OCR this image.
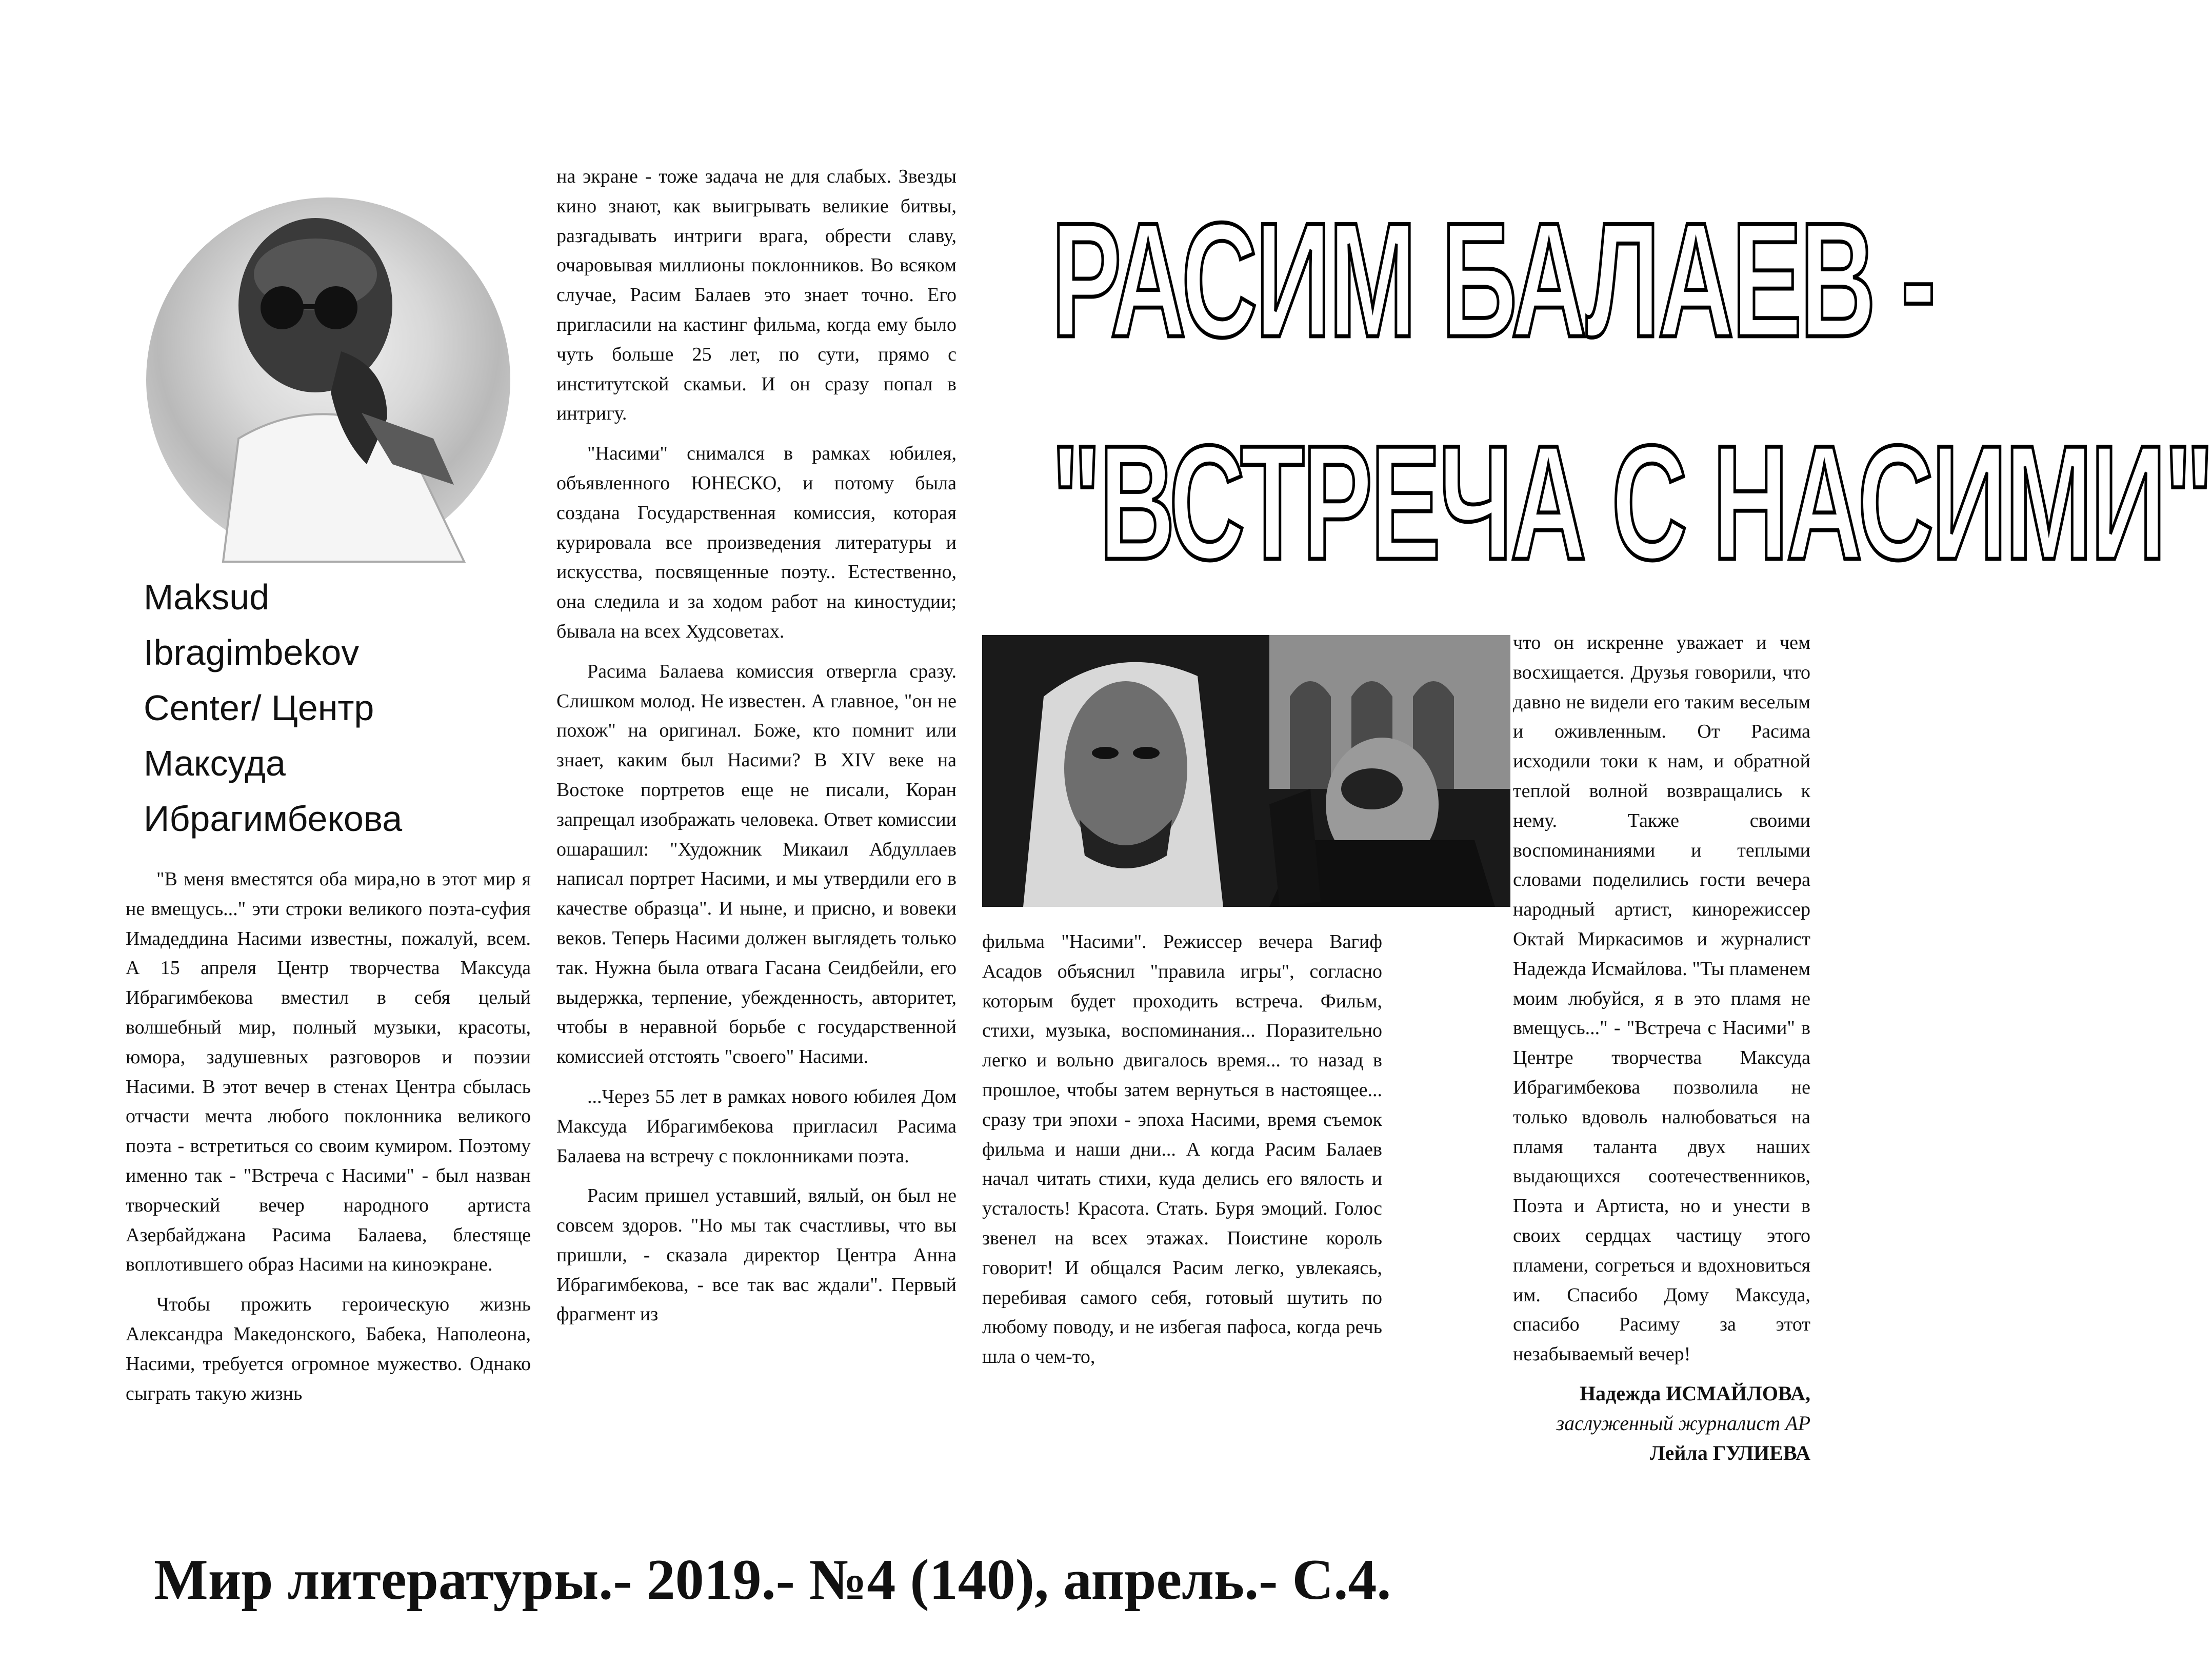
Maksud
Ibragimbekov
Center/ Центр
Максуда
Ибрагимбекова

"В меня вместятся оба мира,но в этот мир я не вмещусь..." эти строки великого поэта-суфия Имадеддина Насими известны, пожалуй, всем. А 15 апреля Центр творчества Максуда Ибрагимбекова вместил в себя целый волшебный мир, полный музыки, красоты, юмора, задушевных разговоров и поэзии Насими. В этот вечер в стенах Центра сбылась отчасти мечта любого поклонника великого поэта - встретиться со своим кумиром. Поэтому именно так - "Встреча с Насими" - был назван творческий вечер народного артиста Азербайджана Расима Балаева, блестяще воплотившего образ Насими на киноэкране.

Чтобы прожить героическую жизнь Александра Македонского, Бабека, Наполеона, Насими, требуется огромное мужество. Однако сыграть такую жизнь

на экране - тоже задача не для слабых. Звезды кино знают, как выигрывать великие битвы, разгадывать интриги врага, обрести славу, очаровывая миллионы поклонников. Во всяком случае, Расим Балаев это знает точно. Его пригласили на кастинг фильма, когда ему было чуть больше 25 лет, по сути, прямо с институтской скамьи. И он сразу попал в интригу.

"Насими" снимался в рамках юбилея, объявленного ЮНЕСКО, и потому была создана Государственная комиссия, которая курировала все произведения литературы и искусства, посвященные поэту.. Естественно, она следила и за ходом работ на киностудии; бывала на всех Худсоветах.

Расима Балаева комиссия отвергла сразу. Слишком молод. Не известен. А главное, "он не похож" на оригинал. Боже, кто помнит или знает, каким был Насими? В XIV веке на Востоке портретов еще не писали, Коран запрещал изображать человека. Ответ комиссии ошарашил: "Художник Микаил Абдуллаев написал портрет Насими, и мы утвердили его в качестве образца". И ныне, и присно, и вовеки веков. Теперь Насими должен выглядеть только так. Нужна была отвага Гасана Сеидбейли, его выдержка, терпение, убежденность, авторитет, чтобы в неравной борьбе с государственной комиссией отстоять "своего" Насими.

...Через 55 лет в рамках нового юбилея Дом Максуда Ибрагимбекова пригласил Расима Балаева на встречу с поклонниками поэта.

Расим пришел уставший, вялый, он был не совсем здоров. "Но мы так счастливы, что вы пришли, - сказала директор Центра Анна Ибрагимбекова, - все так вас ждали". Первый фрагмент из

РАСИМ БАЛАЕВ -
"ВСТРЕЧА С НАСИМИ"

фильма "Насими". Режиссер вечера Вагиф Асадов объяснил "правила игры", согласно которым будет проходить встреча. Фильм, стихи, музыка, воспоминания... Поразительно легко и вольно двигалось время... то назад в прошлое, чтобы затем вернуться в настоящее... сразу три эпохи - эпоха Насими, время съемок фильма и наши дни... А когда Расим Балаев начал читать стихи, куда делись его вялость и усталость! Красота. Стать. Буря эмоций. Голос звенел на всех этажах. Поистине король говорит! И общался Расим легко, увлекаясь, перебивая самого себя, готовый шутить по любому поводу, и не избегая пафоса, когда речь шла о чем-то,

что он искренне уважает и чем восхищается. Друзья говорили, что давно не видели его таким веселым и оживленным. От Расима исходили токи к нам, и обратной теплой волной возвращались к нему. Также своими воспоминаниями и теплыми словами поделились гости вечера народный артист, кинорежиссер Октай Миркасимов и журналист Надежда Исмайлова. "Ты пламенем моим любуйся, я в это пламя не вмещусь..." - "Встреча с Насими" в Центре творчества Максуда Ибрагимбекова позволила не только вдоволь налюбоваться на пламя таланта двух наших выдающихся соотечественников, Поэта и Артиста, но и унести в своих сердцах частицу этого пламени, согреться и вдохновиться им. Спасибо Дому Максуда, спасибо Расиму за этот незабываемый вечер!

Надежда ИСМАЙЛОВА,
заслуженный журналист АР
Лейла ГУЛИЕВА
Мир литературы.- 2019.- №4 (140), апрель.- С.4.
